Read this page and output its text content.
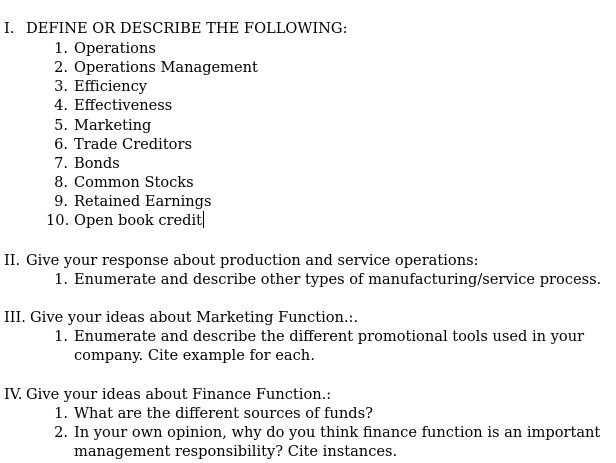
I. DEFINE OR DESCRIBE THE FOLLOWING:
1. Operations
2. Operations Management
3. Efficiency
4. Effectiveness
5. Marketing
6. Trade Creditors
7. Bonds
8. Common Stocks
9. Retained Earnings
10. Open book credit
II. Give your response about production and service operations:
1. Enumerate and describe other types of manufacturing/service process.
III. Give your ideas about Marketing Function.:.
1. Enumerate and describe the different promotional tools used in your
company. Cite example for each.
IV. Give your ideas about Finance Function.:
1. What are the different sources of funds?
2. In your own opinion, why do you think finance function is an important
management responsibility? Cite instances.
